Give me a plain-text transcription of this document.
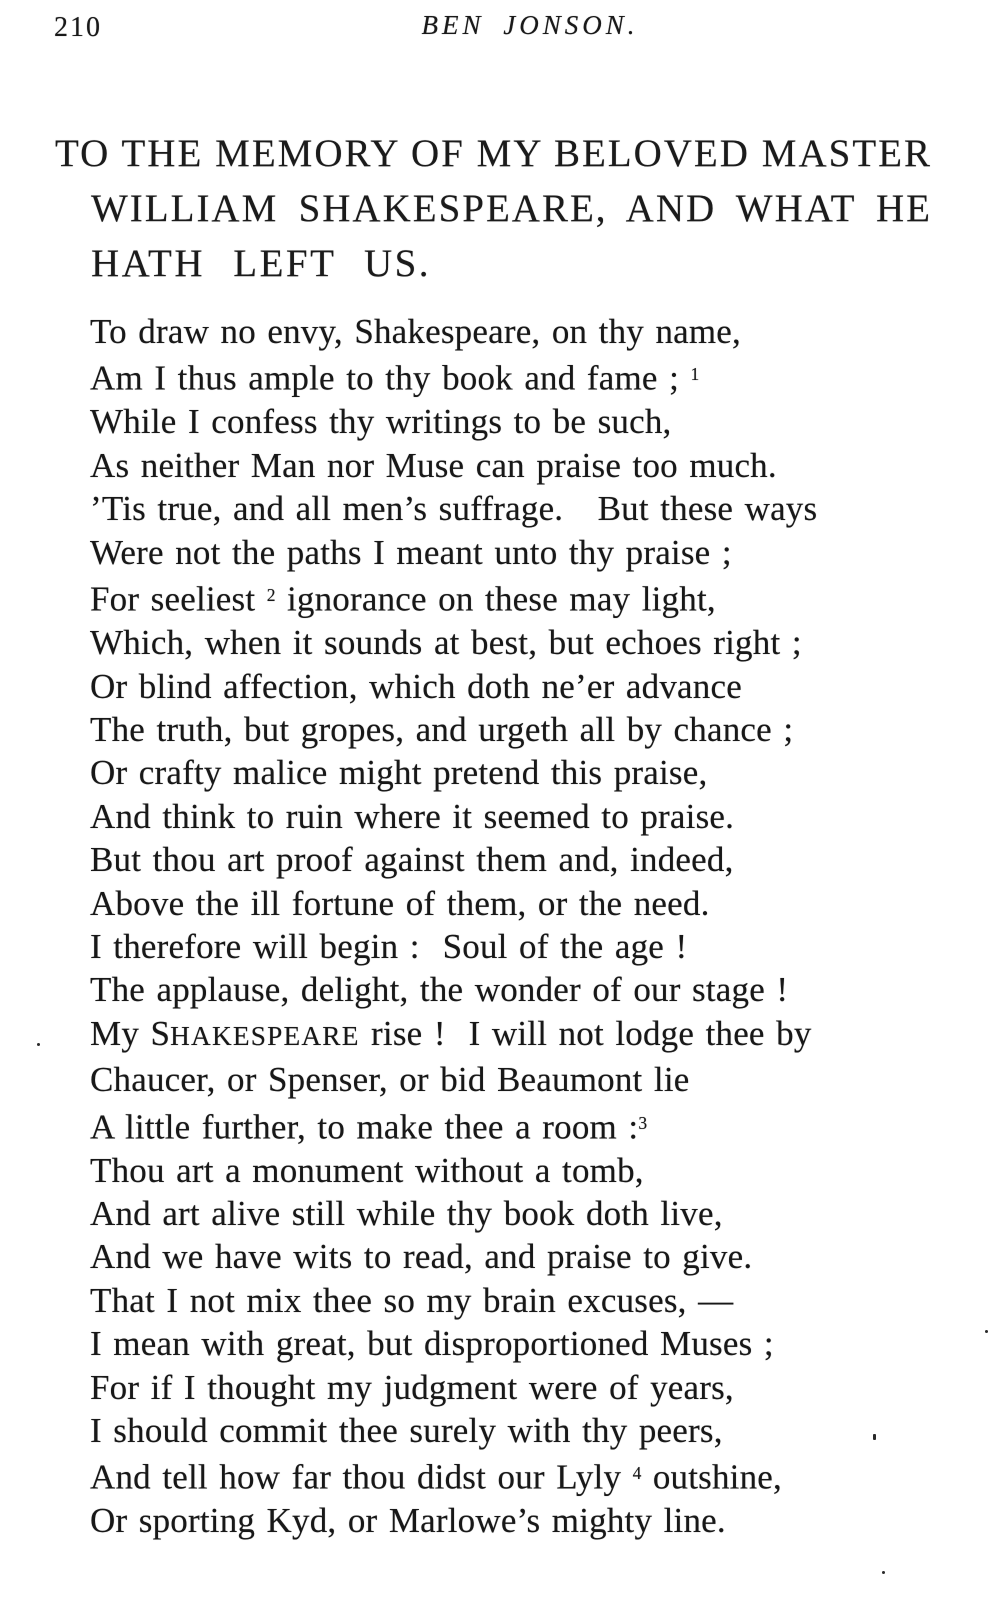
210	BEN JONSON.
TO THE MEMORY OF MY BELOVED MASTER
WILLIAM SHAKESPEARE, AND WHAT HE
HATH LEFT US.
To draw no envy, Shakespeare, on thy name,
Am I thus ample to thy book and fame ; $^1$
While I confess thy writings to be such,
As neither Man nor Muse can praise too much.
’Tis true, and all men’s suffrage.   But these ways
Were not the paths I meant unto thy praise ;
For seeliest $^2$ ignorance on these may light,
Which, when it sounds at best, but echoes right ;
Or blind affection, which doth ne’er advance
The truth, but gropes, and urgeth all by chance ;
Or crafty malice might pretend this praise,
And think to ruin where it seemed to praise.
But thou art proof against them and, indeed,
Above the ill fortune of them, or the need.
I therefore will begin :  Soul of the age !
The applause, delight, the wonder of our stage !
My SHAKESPEARE rise !  I will not lodge thee by
Chaucer, or Spenser, or bid Beaumont lie
A little further, to make thee a room :$^3$
Thou art a monument without a tomb,
And art alive still while thy book doth live,
And we have wits to read, and praise to give.
That I not mix thee so my brain excuses, —
I mean with great, but disproportioned Muses ;
For if I thought my judgment were of years,
I should commit thee surely with thy peers,
And tell how far thou didst our Lyly $^4$ outshine,
Or sporting Kyd, or Marlowe’s mighty line.
